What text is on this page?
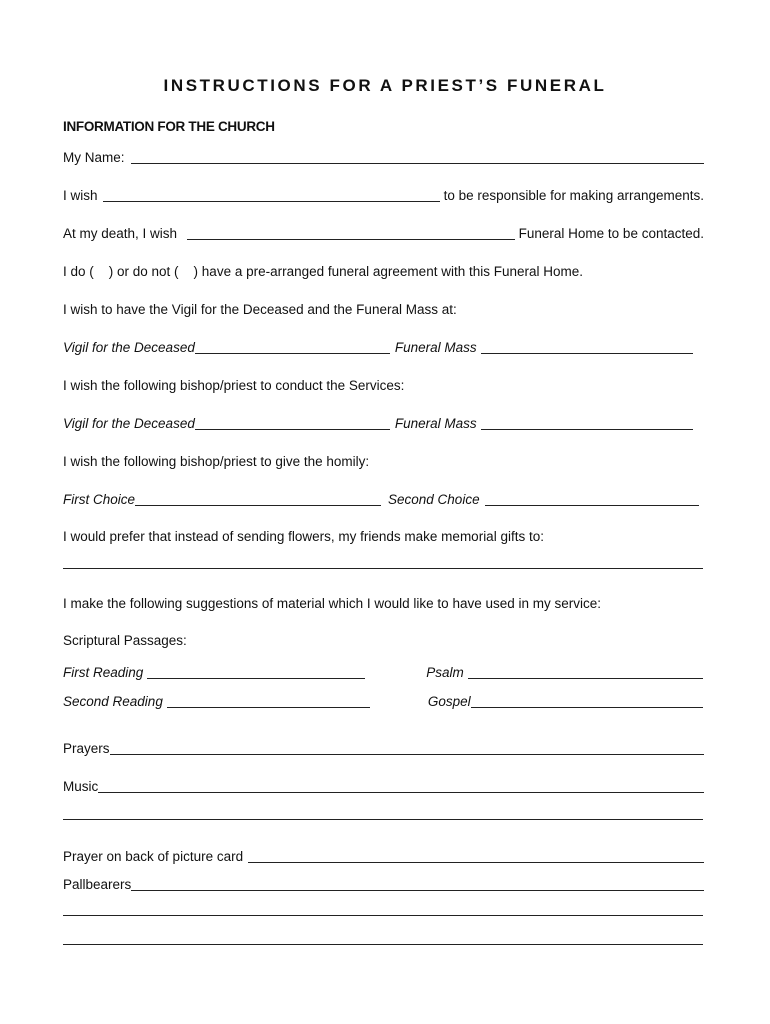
INSTRUCTIONS FOR A PRIEST’S FUNERAL
INFORMATION FOR THE CHURCH
My Name:
I wish	to be responsible for making arrangements.
At my death, I wish	Funeral Home to be contacted.
I do (    ) or do not (    ) have a pre-arranged funeral agreement with this Funeral Home.
I wish to have the Vigil for the Deceased and the Funeral Mass at:
Vigil for the Deceased	Funeral Mass
I wish the following bishop/priest to conduct the Services:
Vigil for the Deceased	Funeral Mass
I wish the following bishop/priest to give the homily:
First Choice	Second Choice
I would prefer that instead of sending flowers, my friends make memorial gifts to:
I make the following suggestions of material which I would like to have used in my service:
Scriptural Passages:
First Reading	Psalm
Second Reading	Gospel
Prayers
Music
Prayer on back of picture card
Pallbearers
